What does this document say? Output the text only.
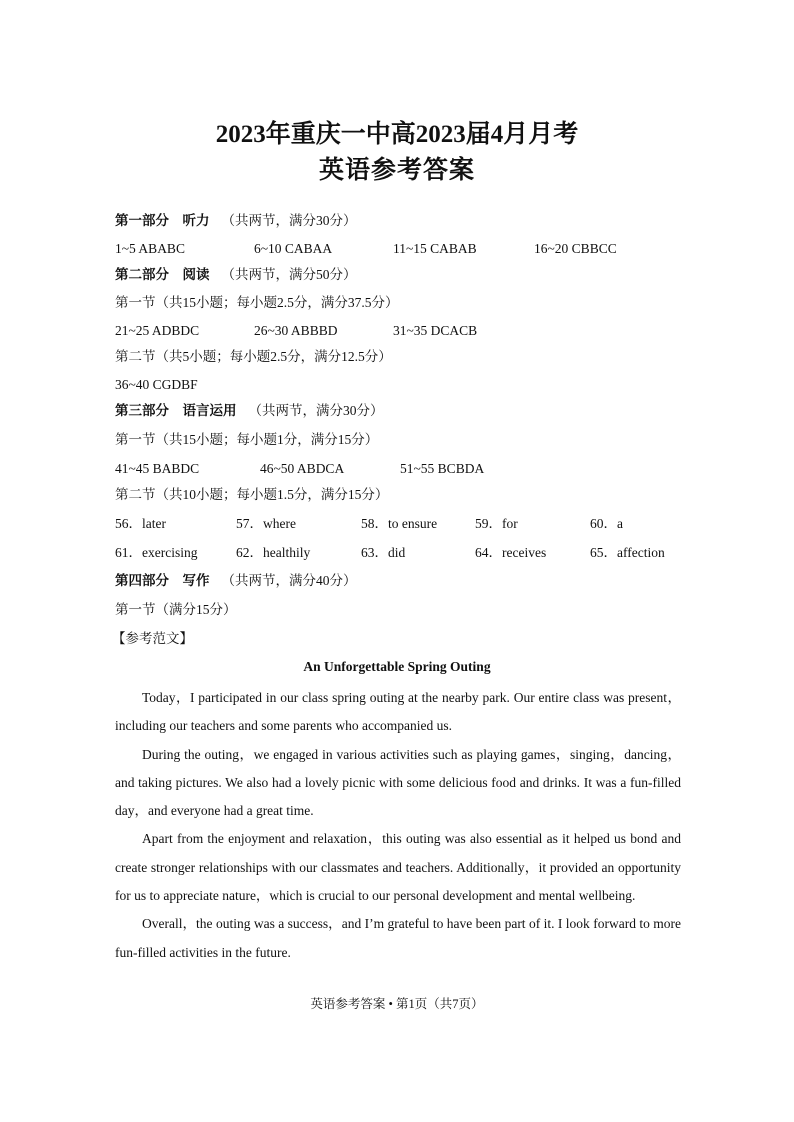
2023年重庆一中高2023届4月月考
英语参考答案
第一部分　听力 （共两节，满分30分）
1~5 ABABC	6~10 CABAA	11~15 CABAB	16~20 CBBCC
第二部分　阅读 （共两节，满分50分）
第一节（共15小题；每小题2.5分，满分37.5分）
21~25 ADBDC	26~30 ABBBD	31~35 DCACB
第二节（共5小题；每小题2.5分，满分12.5分）
36~40 CGDBF
第三部分　语言运用 （共两节，满分30分）
第一节（共15小题；每小题1分，满分15分）
41~45 BABDC	46~50 ABDCA	51~55 BCBDA
第二节（共10小题；每小题1.5分，满分15分）
56．later	57．where	58．to ensure	59．for	60．a
61．exercising	62．healthily	63．did	64．receives	65．affection
第四部分　写作 （共两节，满分40分）
第一节（满分15分）
【参考范文】
An Unforgettable Spring Outing

Today，I participated in our class spring outing at the nearby park. Our entire class was present，including our teachers and some parents who accompanied us.

During the outing，we engaged in various activities such as playing games，singing，dancing，and taking pictures. We also had a lovely picnic with some delicious food and drinks. It was a fun-filled day，and everyone had a great time.

Apart from the enjoyment and relaxation，this outing was also essential as it helped us bond and create stronger relationships with our classmates and teachers. Additionally，it provided an opportunity for us to appreciate nature，which is crucial to our personal development and mental wellbeing.

Overall，the outing was a success，and I’m grateful to have been part of it. I look forward to more fun-filled activities in the future.

英语参考答案 • 第1页（共7页）
